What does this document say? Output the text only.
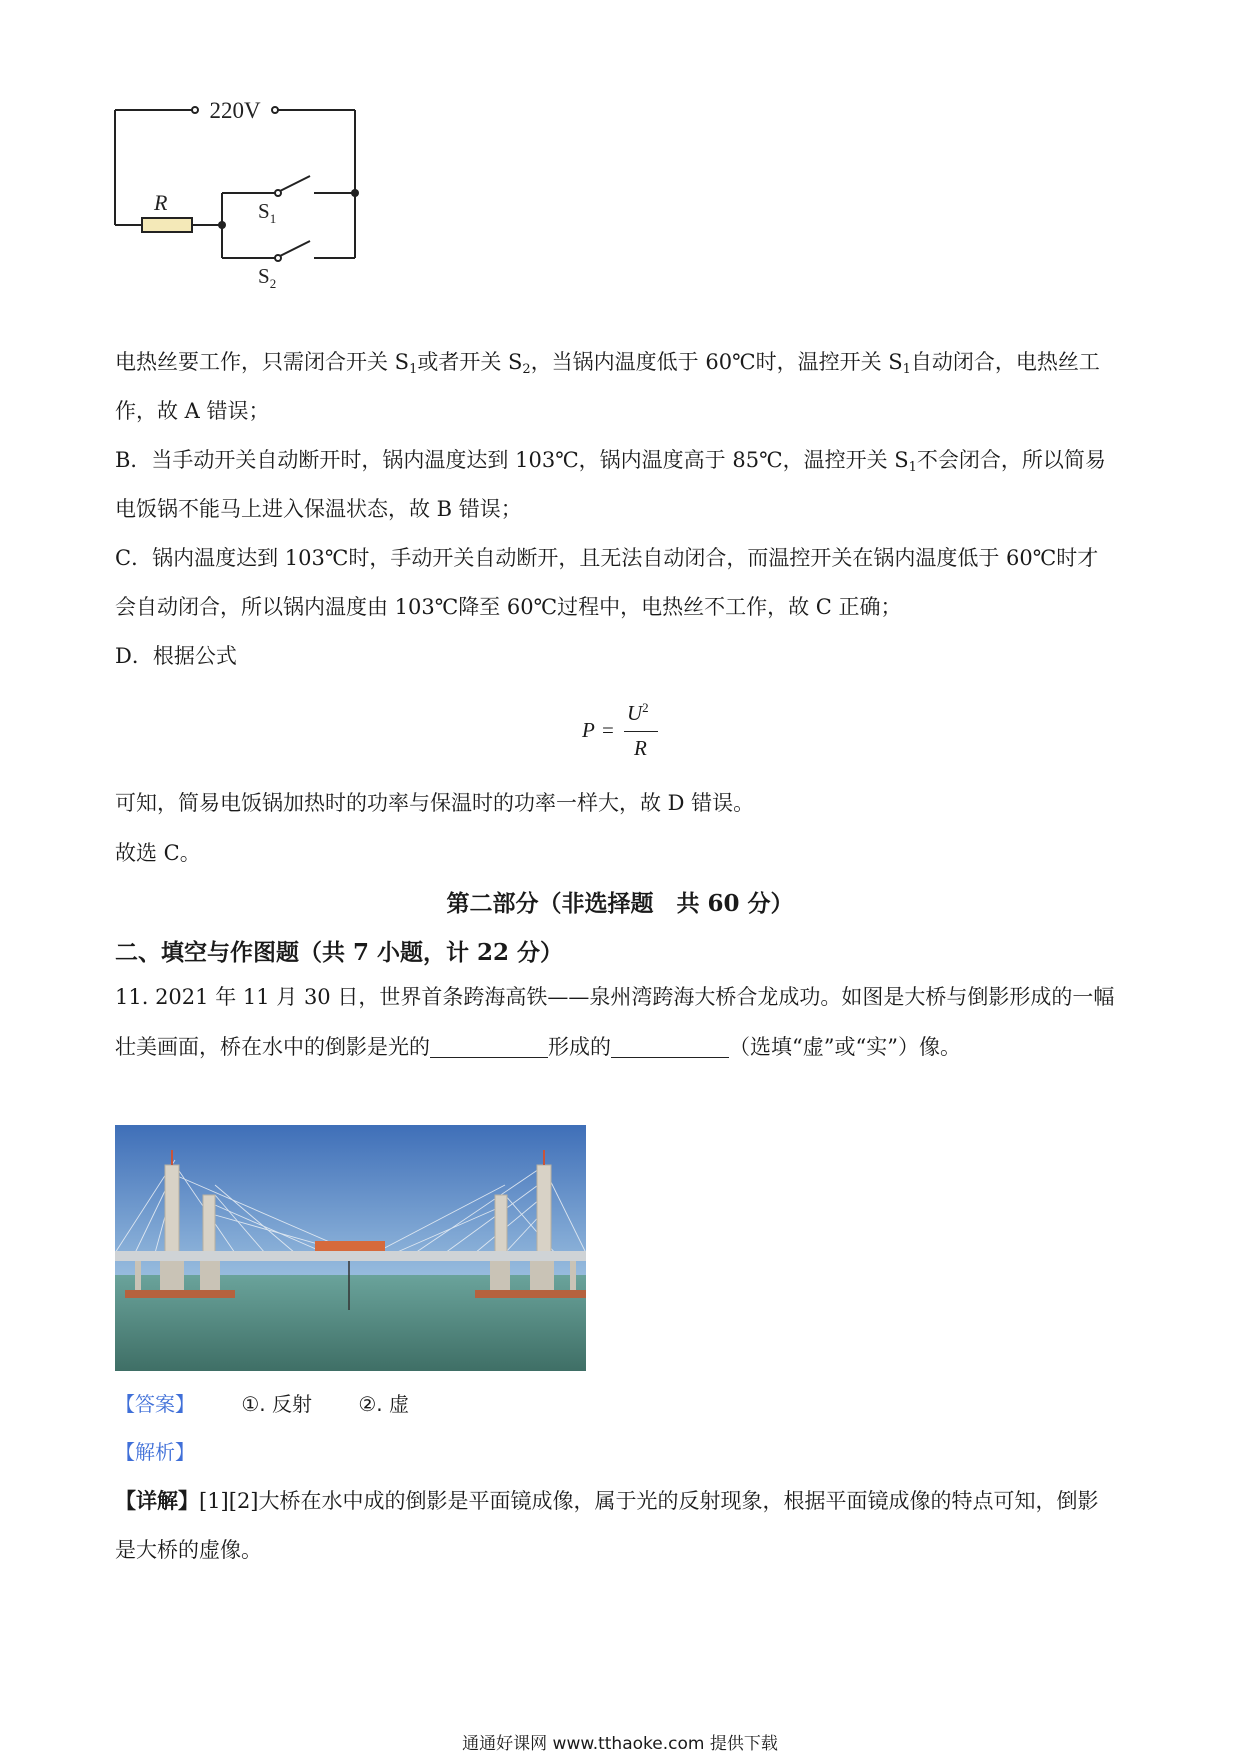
220V
R	$S_1$
$S_2$
电热丝要工作，只需闭合开关 $S_1$或者开关 $S_2$，当锅内温度低于 60℃时，温控开关 $S_1$自动闭合，电热丝工
作，故 A 错误；
B．当手动开关自动断开时，锅内温度达到 103℃，锅内温度高于 85℃，温控开关 $S_1$不会闭合，所以简易
电饭锅不能马上进入保温状态，故 B 错误；
C．锅内温度达到 103℃时，手动开关自动断开，且无法自动闭合，而温控开关在锅内温度低于 60℃时才
会自动闭合，所以锅内温度由 103℃降至 60℃过程中，电热丝不工作，故 C 正确；
D．根据公式
P =
$U^2$
R
可知，简易电饭锅加热时的功率与保温时的功率一样大，故 D 错误。
故选 C。
第二部分（非选择题　共 60 分）
二、填空与作图题（共 7 小题，计 22 分）
11. 2021 年 11 月 30 日，世界首条跨海高铁——泉州湾跨海大桥合龙成功。如图是大桥与倒影形成的一幅
壮美画面，桥在水中的倒影是光的	形成的	（选填“虚”或“实”）像。
【答案】 ①. 反射 ②. 虚
【解析】
【详解】[1][2]大桥在水中成的倒影是平面镜成像，属于光的反射现象，根据平面镜成像的特点可知，倒影
是大桥的虚像。
通通好课网 www.tthaoke.com 提供下载
